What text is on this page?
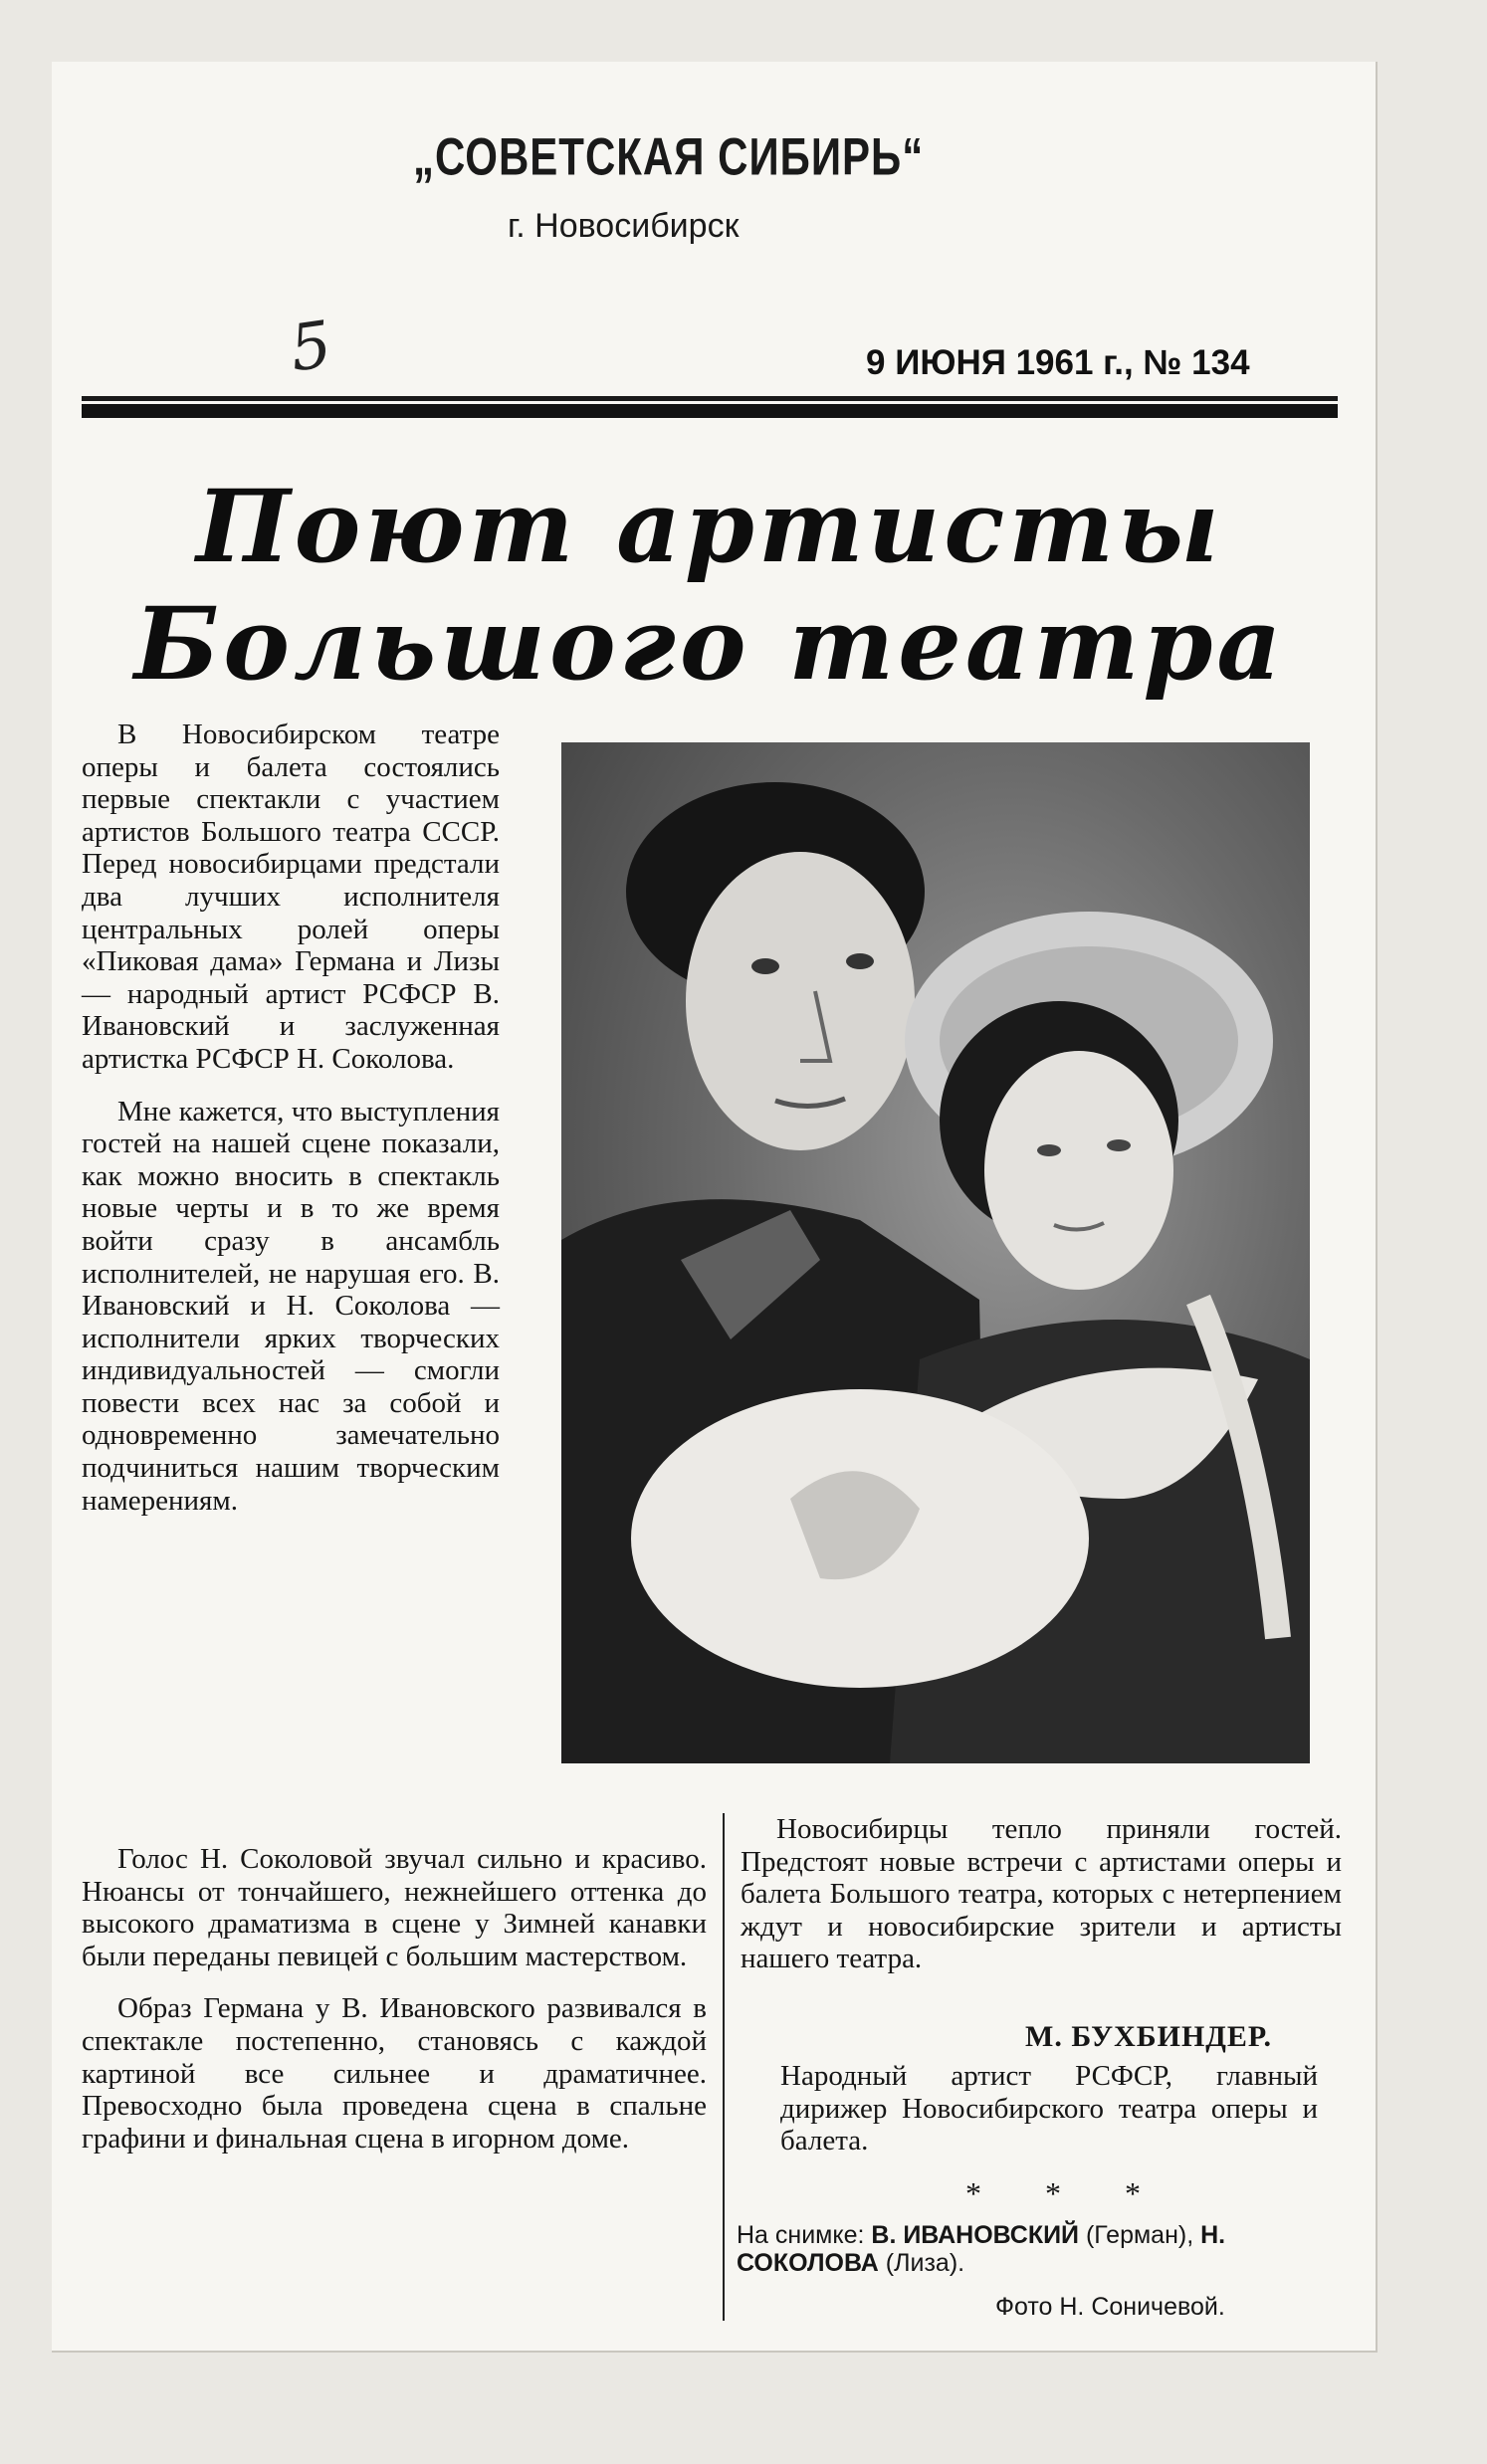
„СОВЕТСКАЯ СИБИРЬ“
г. Новосибирск
5	9 ИЮНЯ 1961 г., № 134
Поют артисты
Большого театра

В Новосибирском театре оперы и балета состоялись первые спектакли с участием артистов Большого театра СССР. Перед новосибирцами предстали два лучших исполнителя центральных ролей оперы «Пиковая дама» Германа и Лизы — народный артист РСФСР В. Ивановский и заслуженная артистка РСФСР Н. Соколова.

Мне кажется, что выступления гостей на нашей сцене показали, как можно вносить в спектакль новые черты и в то же время войти сразу в ансамбль исполнителей, не нарушая его. В. Ивановский и Н. Соколова — исполнители ярких творческих индивидуальностей — смогли повести всех нас за собой и одновременно замечательно подчиниться нашим творческим намерениям.

Голос Н. Соколовой звучал сильно и красиво. Нюансы от тончайшего, нежнейшего оттенка до высокого драматизма в сцене у Зимней канавки были переданы певицей с большим мастерством.

Образ Германа у В. Ивановского развивался в спектакле постепенно, становясь с каждой картиной все сильнее и драматичнее. Превосходно была проведена сцена в спальне графини и финальная сцена в игорном доме.

Новосибирцы тепло приняли гостей. Предстоят новые встречи с артистами оперы и балета Большого театра, которых с нетерпением ждут и новосибирские зрители и артисты нашего театра.

М. БУХБИНДЕР.
Народный артист РСФСР, главный дирижер Новосибирского театра оперы и балета.
* * *
На снимке: В. ИВАНОВСКИЙ (Герман), Н. СОКОЛОВА (Лиза).
Фото Н. Соничевой.
